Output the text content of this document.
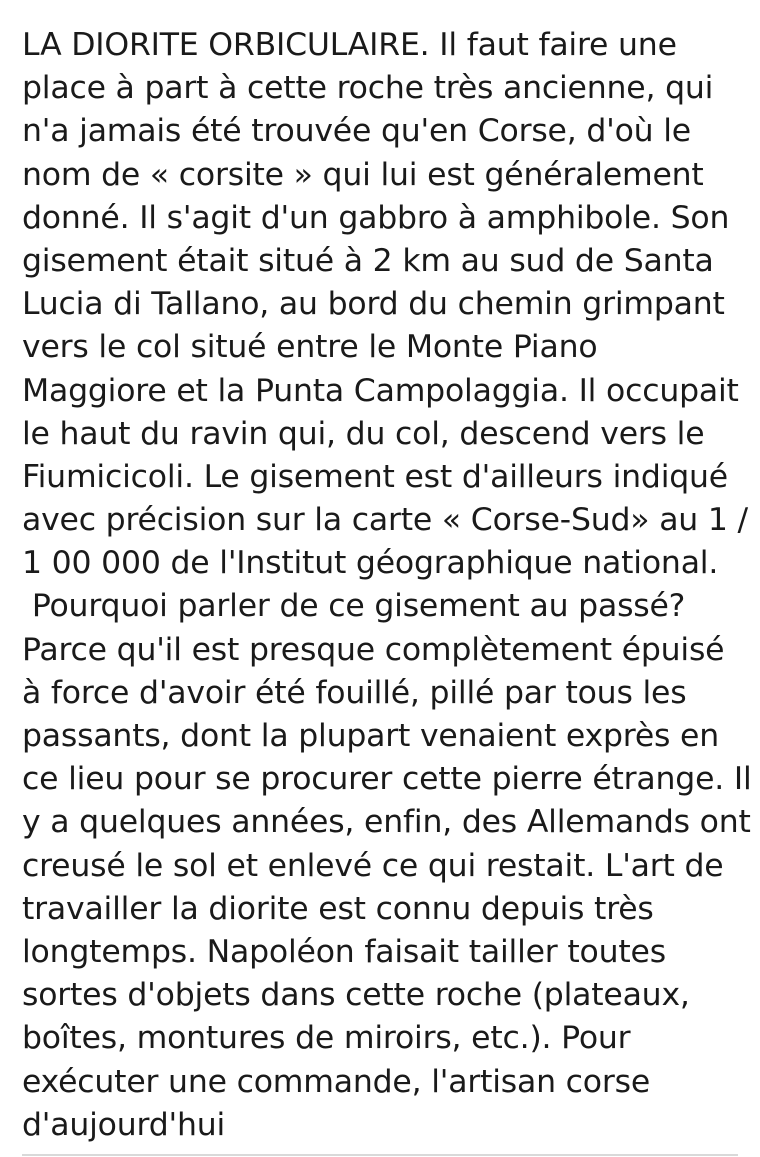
LA DIORITE ORBICULAIRE. Il faut faire une
place à part à cette roche très ancienne, qui
n'a jamais été trouvée qu'en Corse, d'où le
nom de « corsite » qui lui est généralement
donné. Il s'agit d'un gabbro à amphibole. Son
gisement était situé à 2 km au sud de Santa
Lucia di Tallano, au bord du chemin grimpant
vers le col situé entre le Monte Piano
Maggiore et la Punta Campolaggia. Il occupait
le haut du ravin qui, du col, descend vers le
Fiumicicoli. Le gisement est d'ailleurs indiqué
avec précision sur la carte « Corse-Sud» au 1 /
1 00 000 de l'Institut géographique national.
Pourquoi parler de ce gisement au passé?
Parce qu'il est presque complètement épuisé
à force d'avoir été fouillé, pillé par tous les
passants, dont la plupart venaient exprès en
ce lieu pour se procurer cette pierre étrange. Il
y a quelques années, enfin, des Allemands ont
creusé le sol et enlevé ce qui restait. L'art de
travailler la diorite est connu depuis très
longtemps. Napoléon faisait tailler toutes
sortes d'objets dans cette roche (plateaux,
boîtes, montures de miroirs, etc.). Pour
exécuter une commande, l'artisan corse
d'aujourd'hui
